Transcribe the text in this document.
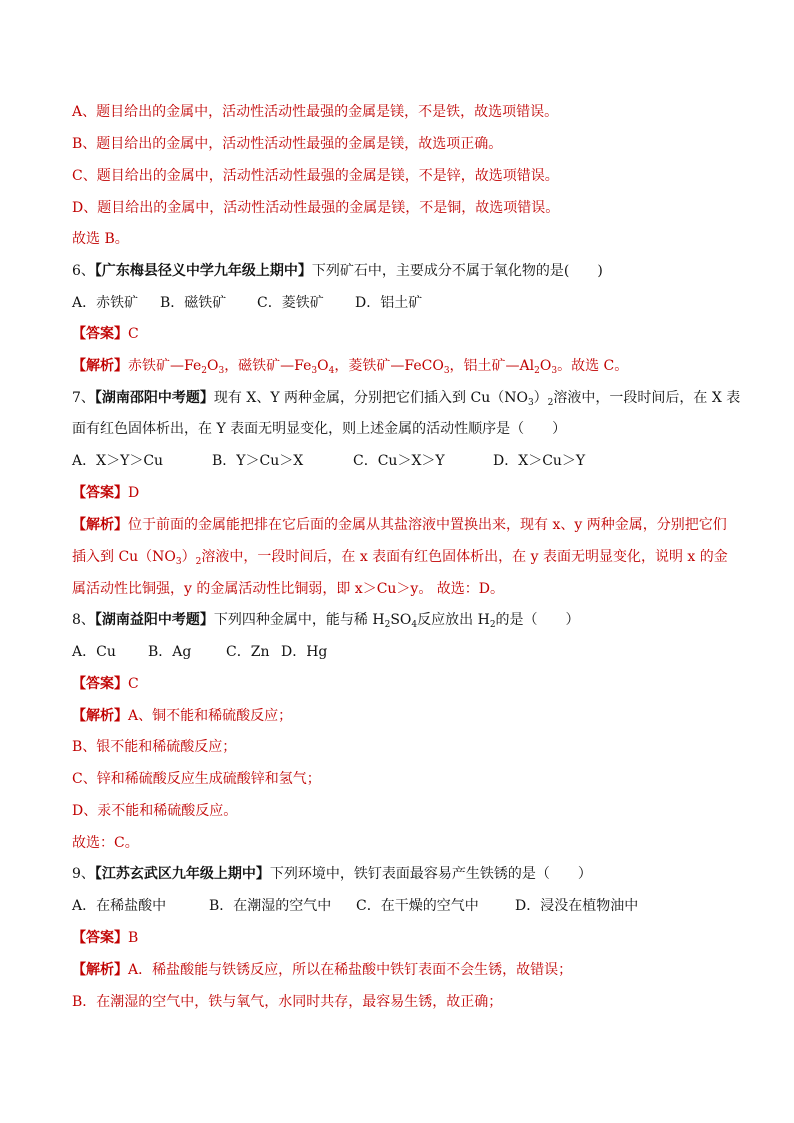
A、题目给出的金属中，活动性活动性最强的金属是镁，不是铁，故选项错误。
B、题目给出的金属中，活动性活动性最强的金属是镁，故选项正确。
C、题目给出的金属中，活动性活动性最强的金属是镁，不是锌，故选项错误。
D、题目给出的金属中，活动性活动性最强的金属是镁，不是铜，故选项错误。
故选 B。
6、【广东梅县径义中学九年级上期中】下列矿石中，主要成分不属于氧化物的是(　　)
A．赤铁矿 B．磁铁矿 C．菱铁矿 D．铝土矿
【答案】C
【解析】赤铁矿$—Fe_2O_3$，磁铁矿$—Fe_3O_4$，菱铁矿—FeCO$_3$，铝土矿$—Al_2O_3$。故选 C。
7、【湖南邵阳中考题】现有 X、Y 两种金属，分别把它们插入到 $Cu(NO_3)_2$溶液中，一段时间后，在 X 表
面有红色固体析出，在 Y 表面无明显变化，则上述金属的活动性顺序是（　　）
A．X＞Y＞Cu	B．Y＞Cu＞X	C．Cu＞X＞Y	D．X＞Cu＞Y
【答案】D
【解析】位于前面的金属能把排在它后面的金属从其盐溶液中置换出来，现有 x、y 两种金属，分别把它们
插入到 $Cu(NO_3)_2$溶液中，一段时间后，在 x 表面有红色固体析出，在 y 表面无明显变化，说明 x 的金
属活动性比铜强，y 的金属活动性比铜弱，即 x＞Cu＞y。 故选：D。
8、【湖南益阳中考题】下列四种金属中，能与稀 $H_2SO_4$反应放出 $H_2$的是（　　）
A．Cu B．Ag C．Zn D．Hg
【答案】C
【解析】A、铜不能和稀硫酸反应；
B、银不能和稀硫酸反应；
C、锌和稀硫酸反应生成硫酸锌和氢气；
D、汞不能和稀硫酸反应。
故选：C。
9、【江苏玄武区九年级上期中】下列环境中，铁钉表面最容易产生铁锈的是（　　）
A．在稀盐酸中	B．在潮湿的空气中 C．在干燥的空气中	D．浸没在植物油中
【答案】B
【解析】A．稀盐酸能与铁锈反应，所以在稀盐酸中铁钉表面不会生锈，故错误；
B．在潮湿的空气中，铁与氧气，水同时共存，最容易生锈，故正确；
